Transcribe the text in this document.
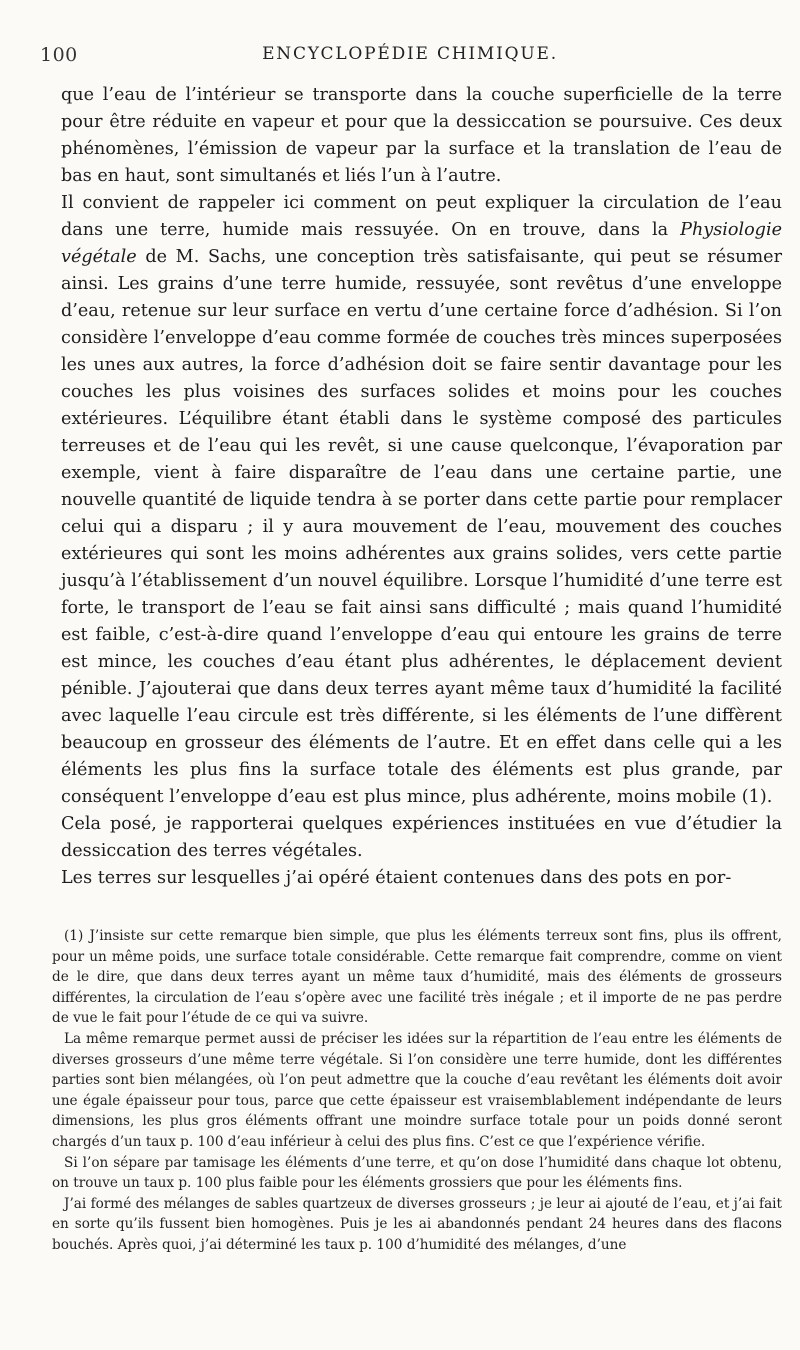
100	ENCYCLOPÉDIE CHIMIQUE.

que l’eau de l’intérieur se transporte dans la couche superficielle de la terre pour être réduite en vapeur et pour que la dessiccation se poursuive. Ces deux phénomènes, l’émission de vapeur par la surface et la translation de l’eau de bas en haut, sont simultanés et liés l’un à l’autre.

Il convient de rappeler ici comment on peut expliquer la circulation de l’eau dans une terre, humide mais ressuyée. On en trouve, dans la Physiologie végétale de M. Sachs, une conception très satisfaisante, qui peut se résumer ainsi. Les grains d’une terre humide, ressuyée, sont revêtus d’une enveloppe d’eau, retenue sur leur surface en vertu d’une certaine force d’adhésion. Si l’on considère l’enveloppe d’eau comme formée de couches très minces superposées les unes aux autres, la force d’adhésion doit se faire sentir davantage pour les couches les plus voisines des surfaces solides et moins pour les couches extérieures. L’équilibre étant établi dans le système composé des particules terreuses et de l’eau qui les revêt, si une cause quelconque, l’évaporation par exemple, vient à faire disparaître de l’eau dans une certaine partie, une nouvelle quantité de liquide tendra à se porter dans cette partie pour remplacer celui qui a disparu ; il y aura mouvement de l’eau, mouvement des couches extérieures qui sont les moins adhérentes aux grains solides, vers cette partie jusqu’à l’établissement d’un nouvel équilibre. Lorsque l’humidité d’une terre est forte, le transport de l’eau se fait ainsi sans difficulté ; mais quand l’humidité est faible, c’est-à-dire quand l’enveloppe d’eau qui entoure les grains de terre est mince, les couches d’eau étant plus adhérentes, le déplacement devient pénible. J’ajouterai que dans deux terres ayant même taux d’humidité la facilité avec laquelle l’eau circule est très différente, si les éléments de l’une diffèrent beaucoup en grosseur des éléments de l’autre. Et en effet dans celle qui a les éléments les plus fins la surface totale des éléments est plus grande, par conséquent l’enveloppe d’eau est plus mince, plus adhérente, moins mobile (1).

Cela posé, je rapporterai quelques expériences instituées en vue d’étudier la dessiccation des terres végétales.

Les terres sur lesquelles j’ai opéré étaient contenues dans des pots en por-

(1) J’insiste sur cette remarque bien simple, que plus les éléments terreux sont fins, plus ils offrent, pour un même poids, une surface totale considérable. Cette remarque fait comprendre, comme on vient de le dire, que dans deux terres ayant un même taux d’humidité, mais des éléments de grosseurs différentes, la circulation de l’eau s’opère avec une facilité très inégale ; et il importe de ne pas perdre de vue le fait pour l’étude de ce qui va suivre.

La même remarque permet aussi de préciser les idées sur la répartition de l’eau entre les éléments de diverses grosseurs d’une même terre végétale. Si l’on considère une terre humide, dont les différentes parties sont bien mélangées, où l’on peut admettre que la couche d’eau revêtant les éléments doit avoir une égale épaisseur pour tous, parce que cette épaisseur est vraisemblablement indépendante de leurs dimensions, les plus gros éléments offrant une moindre surface totale pour un poids donné seront chargés d’un taux p. 100 d’eau inférieur à celui des plus fins. C’est ce que l’expérience vérifie.

Si l’on sépare par tamisage les éléments d’une terre, et qu’on dose l’humidité dans chaque lot obtenu, on trouve un taux p. 100 plus faible pour les éléments grossiers que pour les éléments fins.

J’ai formé des mélanges de sables quartzeux de diverses grosseurs ; je leur ai ajouté de l’eau, et j’ai fait en sorte qu’ils fussent bien homogènes. Puis je les ai abandonnés pendant 24 heures dans des flacons bouchés. Après quoi, j’ai déterminé les taux p. 100 d’humidité des mélanges, d’une
